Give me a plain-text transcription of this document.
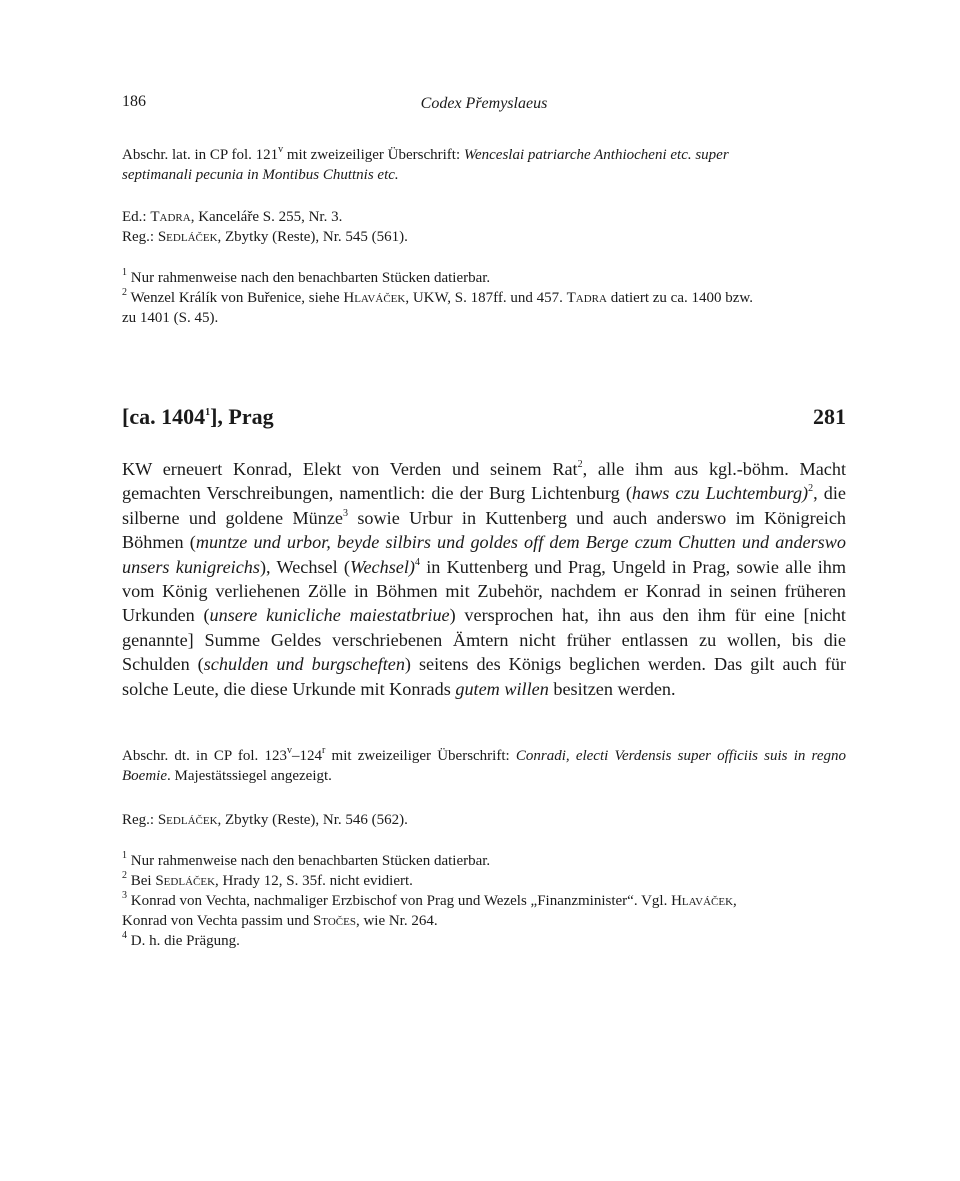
186	Codex Přemyslaeus

Abschr. lat. in CP fol. 121$^v$ mit zweizeiliger Überschrift: Wenceslai patriarche Anthiocheni etc. super

septimanali pecunia in Montibus Chuttnis etc.

Ed.: Tadra, Kanceláře S. 255, Nr. 3.

Reg.: Sedláček, Zbytky (Reste), Nr. 545 (561).

$^1$ Nur rahmenweise nach den benachbarten Stücken datierbar.

$^2$ Wenzel Králík von Buřenice, siehe Hlaváček, UKW, S. 187ff. und 457. Tadra datiert zu ca. 1400 bzw.

zu 1401 (S. 45).

[ca. 1404$^1$], Prag	281

KW erneuert Konrad, Elekt von Verden und seinem Rat$^2$, alle ihm aus kgl.-böhm. Macht gemachten Verschreibungen, namentlich: die der Burg Lichtenburg (haws czu Luchtemburg)$^2$, die silberne und goldene Münze$^3$ sowie Urbur in Kuttenberg und auch anderswo im Königreich Böhmen (muntze und urbor, beyde silbirs und goldes off dem Berge czum Chutten und anderswo unsers kunigreichs), Wechsel (Wechsel)$^4$ in Kuttenberg und Prag, Ungeld in Prag, sowie alle ihm vom König verliehenen Zölle in Böhmen mit Zubehör, nachdem er Konrad in seinen früheren Urkunden (unsere kunicliche maiestatbriue) versprochen hat, ihn aus den ihm für eine [nicht genannte] Summe Geldes verschriebenen Ämtern nicht früher entlassen zu wollen, bis die Schulden (schulden und burgscheften) seitens des Königs beglichen werden. Das gilt auch für solche Leute, die diese Urkunde mit Konrads gutem willen besitzen werden.

Abschr. dt. in CP fol. 123$^v$–124$^r$ mit zweizeiliger Überschrift: Conradi, electi Verdensis super officiis suis in regno Boemie. Majestätssiegel angezeigt.

Reg.: Sedláček, Zbytky (Reste), Nr. 546 (562).

$^1$ Nur rahmenweise nach den benachbarten Stücken datierbar.

$^2$ Bei Sedláček, Hrady 12, S. 35f. nicht evidiert.

$^3$ Konrad von Vechta, nachmaliger Erzbischof von Prag und Wezels „Finanzminister“. Vgl. Hlaváček,

Konrad von Vechta passim und Stočes, wie Nr. 264.

$^4$ D. h. die Prägung.
